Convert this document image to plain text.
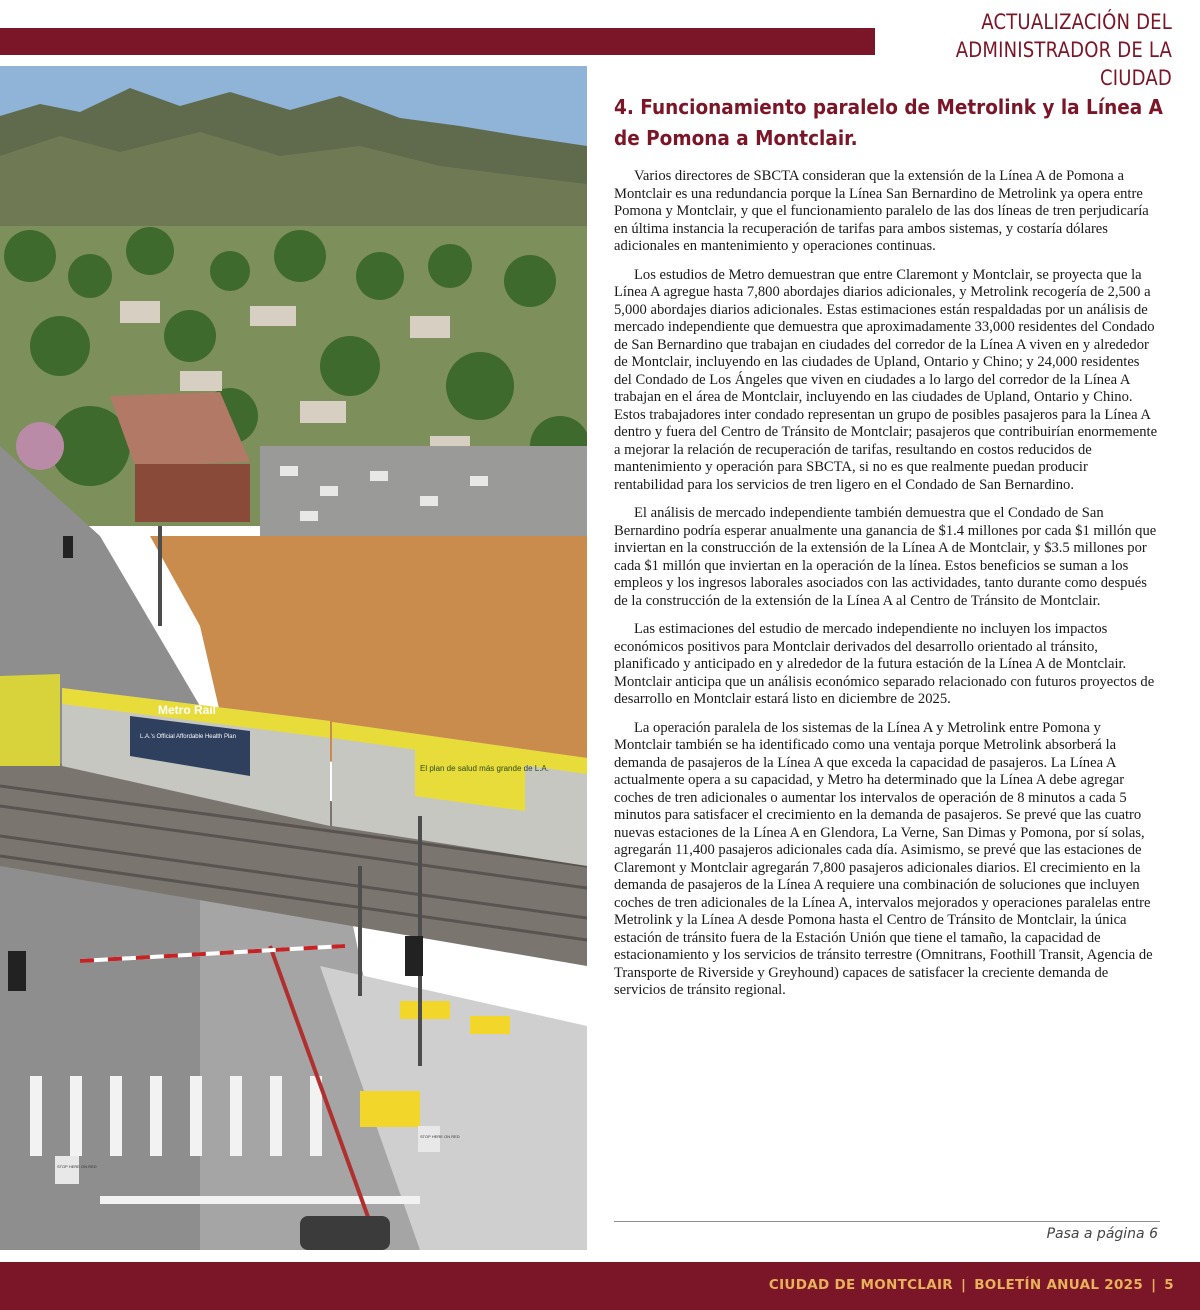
ACTUALIZACIÓN DEL ADMINISTRADOR DE LA CIUDAD
Metro Rail
L.A.'s Official Affordable Health Plan
El plan de salud más grande de L.A.
STOP HERE ON RED
STOP HERE ON RED
4. Funcionamiento paralelo de Metrolink y la Línea A de Pomona a Montclair.

Varios directores de SBCTA consideran que la extensión de la Línea A de Pomona a Montclair es una redundancia porque la Línea San Bernardino de Metrolink ya opera entre Pomona y Montclair, y que el funcionamiento paralelo de las dos líneas de tren perjudicaría en última instancia la recuperación de tarifas para ambos sistemas, y costaría dólares adicionales en mantenimiento y operaciones continuas.

Los estudios de Metro demuestran que entre Claremont y Montclair, se proyecta que la Línea A agregue hasta 7,800 abordajes diarios adicionales, y Metrolink recogería de 2,500 a 5,000 abordajes diarios adicionales. Estas estimaciones están respaldadas por un análisis de mercado independiente que demuestra que aproximadamente 33,000 residentes del Condado de San Bernardino que trabajan en ciudades del corredor de la Línea A viven en y alrededor de Montclair, incluyendo en las ciudades de Upland, Ontario y Chino; y 24,000 residentes del Condado de Los Ángeles que viven en ciudades a lo largo del corredor de la Línea A trabajan en el área de Montclair, incluyendo en las ciudades de Upland, Ontario y Chino. Estos trabajadores inter condado representan un grupo de posibles pasajeros para la Línea A dentro y fuera del Centro de Tránsito de Montclair; pasajeros que contribuirían enormemente a mejorar la relación de recuperación de tarifas, resultando en costos reducidos de mantenimiento y operación para SBCTA, si no es que realmente puedan producir rentabilidad para los servicios de tren ligero en el Condado de San Bernardino.

El análisis de mercado independiente también demuestra que el Condado de San Bernardino podría esperar anualmente una ganancia de $1.4 millones por cada $1 millón que inviertan en la construcción de la extensión de la Línea A de Montclair, y $3.5 millones por cada $1 millón que inviertan en la operación de la línea. Estos beneficios se suman a los empleos y los ingresos laborales asociados con las actividades, tanto durante como después de la construcción de la extensión de la Línea A al Centro de Tránsito de Montclair.

Las estimaciones del estudio de mercado independiente no incluyen los impactos económicos positivos para Montclair derivados del desarrollo orientado al tránsito, planificado y anticipado en y alrededor de la futura estación de la Línea A de Montclair. Montclair anticipa que un análisis económico separado relacionado con futuros proyectos de desarrollo en Montclair estará listo en diciembre de 2025.

La operación paralela de los sistemas de la Línea A y Metrolink entre Pomona y Montclair también se ha identificado como una ventaja porque Metrolink absorberá la demanda de pasajeros de la Línea A que exceda la capacidad de pasajeros. La Línea A actualmente opera a su capacidad, y Metro ha determinado que la Línea A debe agregar coches de tren adicionales o aumentar los intervalos de operación de 8 minutos a cada 5 minutos para satisfacer el crecimiento en la demanda de pasajeros. Se prevé que las cuatro nuevas estaciones de la Línea A en Glendora, La Verne, San Dimas y Pomona, por sí solas, agregarán 11,400 pasajeros adicionales cada día. Asimismo, se prevé que las estaciones de Claremont y Montclair agregarán 7,800 pasajeros adicionales diarios. El crecimiento en la demanda de pasajeros de la Línea A requiere una combinación de soluciones que incluyen coches de tren adicionales de la Línea A, intervalos mejorados y operaciones paralelas entre Metrolink y la Línea A desde Pomona hasta el Centro de Tránsito de Montclair, la única estación de tránsito fuera de la Estación Unión que tiene el tamaño, la capacidad de estacionamiento y los servicios de tránsito terrestre (Omnitrans, Foothill Transit, Agencia de Transporte de Riverside y Greyhound) capaces de satisfacer la creciente demanda de servicios de tránsito regional.

Pasa a página 6
CIUDAD DE MONTCLAIR | BOLETÍN ANUAL 2025 | 5
